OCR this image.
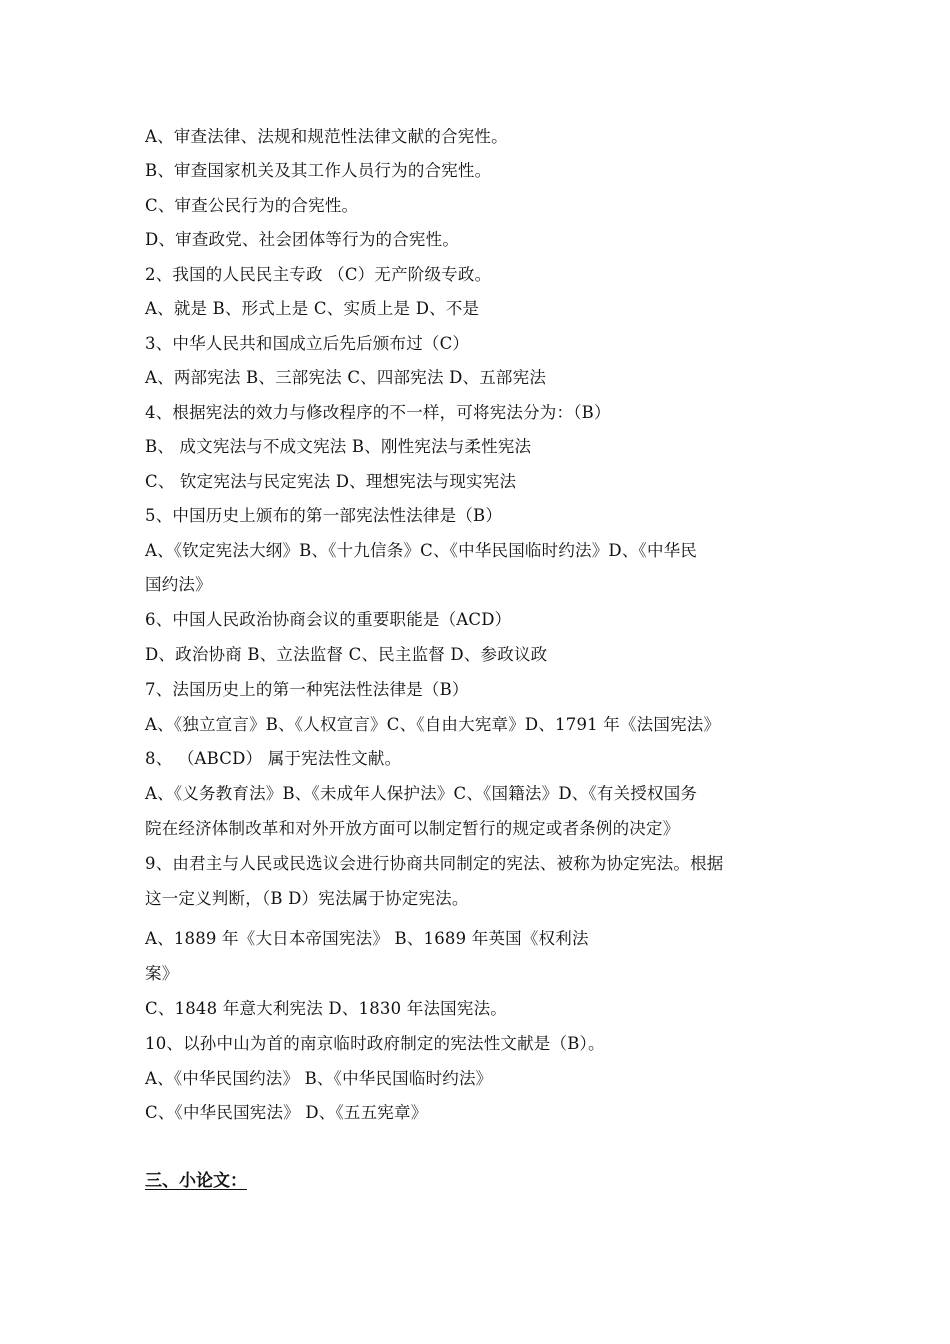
A、审查法律、法规和规范性法律文献的合宪性。
B、审查国家机关及其工作人员行为的合宪性。
C、审查公民行为的合宪性。
D、审查政党、社会团体等行为的合宪性。
2、我国的人民民主专政 （C）无产阶级专政。
A、就是 B、形式上是 C、实质上是 D、不是
3、中华人民共和国成立后先后颁布过（C）
A、两部宪法 B、三部宪法 C、四部宪法 D、五部宪法
4、根据宪法的效力与修改程序的不一样，可将宪法分为：（B）
B、 成文宪法与不成文宪法 B、刚性宪法与柔性宪法
C、 钦定宪法与民定宪法 D、理想宪法与现实宪法
5、中国历史上颁布的第一部宪法性法律是（B）
A、《钦定宪法大纲》B、《十九信条》C、《中华民国临时约法》D、《中华民
国约法》
6、中国人民政治协商会议的重要职能是（ACD）
D、政治协商 B、立法监督 C、民主监督 D、参政议政
7、法国历史上的第一种宪法性法律是（B）
A、《独立宣言》B、《人权宣言》C、《自由大宪章》D、1791 年《法国宪法》
8、 （ABCD） 属于宪法性文献。
A、《义务教育法》B、《未成年人保护法》C、《国籍法》D、《有关授权国务
院在经济体制改革和对外开放方面可以制定暂行的规定或者条例的决定》
9、由君主与人民或民选议会进行协商共同制定的宪法、被称为协定宪法。根据
这一定义判断，（B D）宪法属于协定宪法。
A、1889 年《大日本帝国宪法》 B、1689 年英国《权利法
案》
C、1848 年意大利宪法 D、1830 年法国宪法。
10、以孙中山为首的南京临时政府制定的宪法性文献是（B）。
A、《中华民国约法》 B、《中华民国临时约法》
C、《中华民国宪法》 D、《五五宪章》
三、小论文：
